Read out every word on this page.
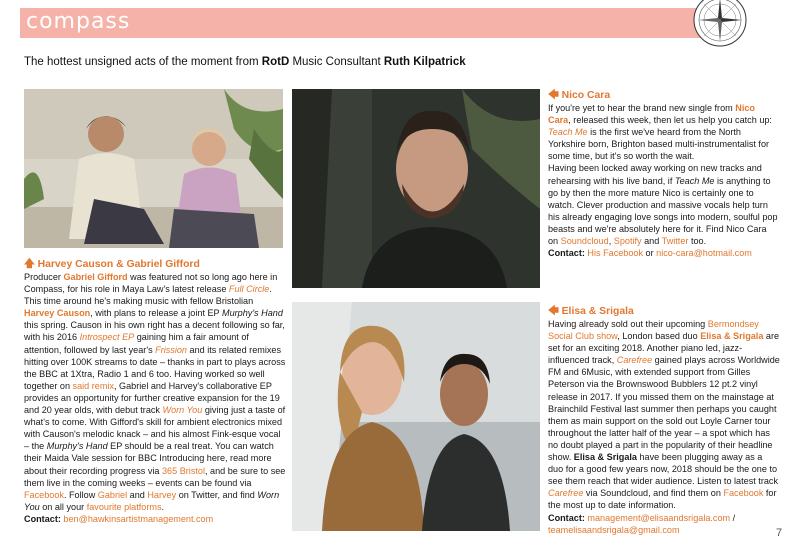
compass
The hottest unsigned acts of the moment from RotD Music Consultant Ruth Kilpatrick
🡅 Harvey Causon & Gabriel Gifford
Producer Gabriel Gifford was featured not so long ago here in Compass, for his role in Maya Law's latest release Full Circle. This time around he's making music with fellow Bristolian Harvey Causon, with plans to release a joint EP Murphy's Hand this spring. Causon in his own right has a decent following so far, with his 2016 Introspect EP gaining him a fair amount of attention, followed by last year's Frission and its related remixes hitting over 100K streams to date – thanks in part to plays across the BBC at 1Xtra, Radio 1 and 6 too. Having worked so well together on said remix, Gabriel and Harvey's collaborative EP provides an opportunity for further creative expansion for the 19 and 20 year olds, with debut track Worn You giving just a taste of what's to come. With Gifford's skill for ambient electronics mixed with Causon's melodic knack – and his almost Fink-esque vocal – the Murphy's Hand EP should be a real treat. You can watch their Maida Vale session for BBC Introducing here, read more about their recording progress via 365 Bristol, and be sure to see them live in the coming weeks – events can be found via Facebook. Follow Gabriel and Harvey on Twitter, and find Worn You on all your favourite platforms.
Contact: ben@hawkinsartistmanagement.com
🡄 Nico Cara
If you're yet to hear the brand new single from Nico Cara, released this week, then let us help you catch up: Teach Me is the first we've heard from the North Yorkshire born, Brighton based multi-instrumentalist for some time, but it's so worth the wait.
Having been locked away working on new tracks and rehearsing with his live band, if Teach Me is anything to go by then the more mature Nico is certainly one to watch. Clever production and massive vocals help turn his already engaging love songs into modern, soulful pop beasts and we're absolutely here for it. Find Nico Cara on Soundcloud, Spotify and Twitter too.
Contact: His Facebook or nico-cara@hotmail.com
🡄 Elisa & Srigala
Having already sold out their upcoming Bermondsey Social Club show, London based duo Elisa & Srigala are set for an exciting 2018. Another piano led, jazz-influenced track, Carefree gained plays across Worldwide FM and 6Music, with extended support from Gilles Peterson via the Brownswood Bubblers 12 pt.2 vinyl release in 2017. If you missed them on the mainstage at Brainchild Festival last summer then perhaps you caught them as main support on the sold out Loyle Carner tour throughout the latter half of the year – a spot which has no doubt played a part in the popularity of their headline show. Elisa & Srigala have been plugging away as a duo for a good few years now, 2018 should be the one to see them reach that wider audience. Listen to latest track Carefree via Soundcloud, and find them on Facebook for the most up to date information.
Contact: management@elisaandsrigala.com / teamelisaandsrigala@gmail.com	7
